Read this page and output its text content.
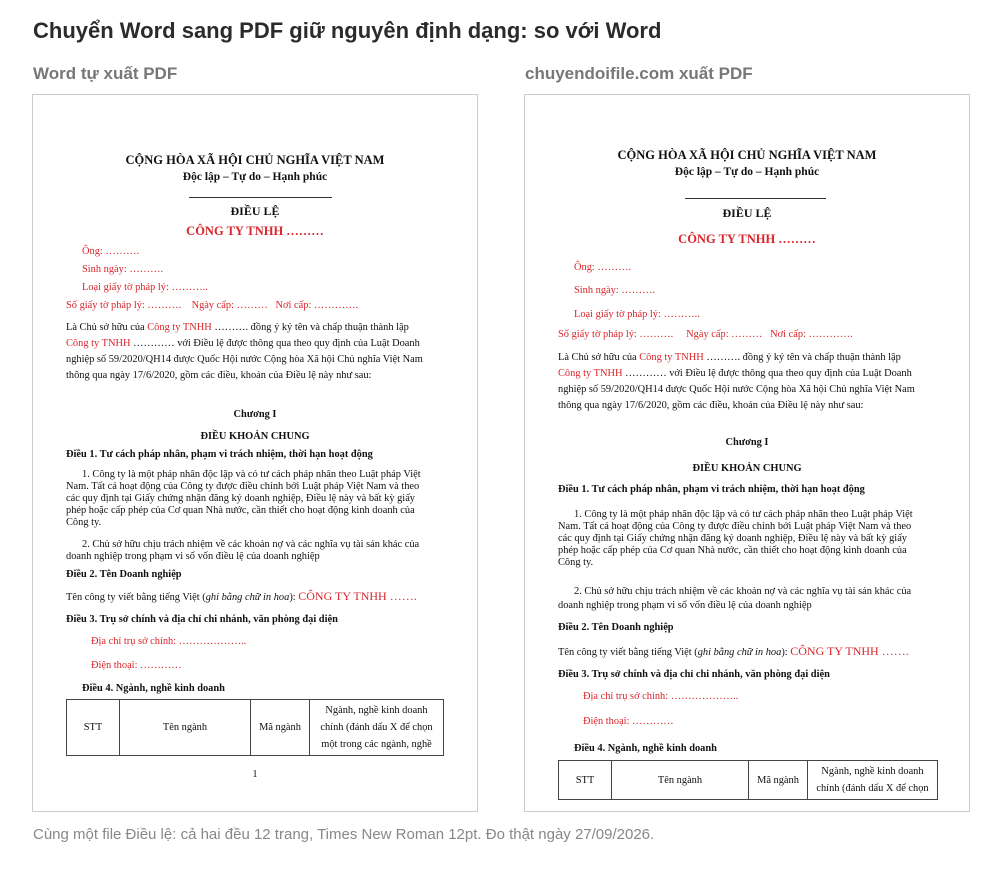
Chuyển Word sang PDF giữ nguyên định dạng: so với Word
Word tự xuất PDF	chuyendoifile.com xuất PDF
CỘNG HÒA XÃ HỘI CHỦ NGHĨA VIỆT NAM
Độc lập – Tự do – Hạnh phúc
ĐIỀU LỆ
CÔNG TY TNHH ………
Ông: ……….
Sinh ngày: ……….
Loại giấy tờ pháp lý: ………..
Số giấy tờ pháp lý: ………. Ngày cấp: ……… Nơi cấp: ………….
Là Chủ sở hữu của Công ty TNHH ………. đồng ý ký tên và chấp thuận thành lập
Công ty TNHH ………… với Điều lệ được thông qua theo quy định của Luật Doanh
nghiệp số 59/2020/QH14 được Quốc Hội nước Cộng hòa Xã hội Chủ nghĩa Việt Nam
thông qua ngày 17/6/2020, gồm các điều, khoản của Điều lệ này như sau:
Chương I
ĐIỀU KHOẢN CHUNG
Điều 1. Tư cách pháp nhân, phạm vi trách nhiệm, thời hạn hoạt động
1. Công ty là một pháp nhân độc lập và có tư cách pháp nhân theo Luật pháp Việt
Nam. Tất cả hoạt động của Công ty được điều chỉnh bởi Luật pháp Việt Nam và theo
các quy định tại Giấy chứng nhận đăng ký doanh nghiệp, Điều lệ này và bất kỳ giấy
phép hoặc cấp phép của Cơ quan Nhà nước, cần thiết cho hoạt động kinh doanh của
Công ty.
2. Chủ sở hữu chịu trách nhiệm về các khoản nợ và các nghĩa vụ tài sản khác của
doanh nghiệp trong phạm vi số vốn điều lệ của doanh nghiệp
Điều 2. Tên Doanh nghiệp
Tên công ty viết bằng tiếng Việt (ghi bằng chữ in hoa): CÔNG TY TNHH …….
Điều 3. Trụ sở chính và địa chỉ chi nhánh, văn phòng đại diện
Địa chỉ trụ sở chính: ………………..
Điện thoại: …………
Điều 4. Ngành, nghề kinh doanh
STT	Tên ngành	Mã ngành	Ngành, nghề kinh doanh
chính (đánh dấu X để chọn
một trong các ngành, nghề
1
CỘNG HÒA XÃ HỘI CHỦ NGHĨA VIỆT NAM
Độc lập – Tự do – Hạnh phúc
ĐIỀU LỆ
CÔNG TY TNHH ………
Ông: ……….
Sinh ngày: ……….
Loại giấy tờ pháp lý: ………..
Số giấy tờ pháp lý: ………. Ngày cấp: ……… Nơi cấp: ………….
Là Chủ sở hữu của Công ty TNHH ………. đồng ý ký tên và chấp thuận thành lập
Công ty TNHH ………… với Điều lệ được thông qua theo quy định của Luật Doanh
nghiệp số 59/2020/QH14 được Quốc Hội nước Cộng hòa Xã hội Chủ nghĩa Việt Nam
thông qua ngày 17/6/2020, gồm các điều, khoản của Điều lệ này như sau:
Chương I
ĐIỀU KHOẢN CHUNG
Điều 1. Tư cách pháp nhân, phạm vi trách nhiệm, thời hạn hoạt động
1. Công ty là một pháp nhân độc lập và có tư cách pháp nhân theo Luật pháp Việt
Nam. Tất cả hoạt động của Công ty được điều chỉnh bởi Luật pháp Việt Nam và theo
các quy định tại Giấy chứng nhận đăng ký doanh nghiệp, Điều lệ này và bất kỳ giấy
phép hoặc cấp phép của Cơ quan Nhà nước, cần thiết cho hoạt động kinh doanh của
Công ty.
2. Chủ sở hữu chịu trách nhiệm về các khoản nợ và các nghĩa vụ tài sản khác của
doanh nghiệp trong phạm vi số vốn điều lệ của doanh nghiệp
Điều 2. Tên Doanh nghiệp
Tên công ty viết bằng tiếng Việt (ghi bằng chữ in hoa): CÔNG TY TNHH …….
Điều 3. Trụ sở chính và địa chỉ chi nhánh, văn phòng đại diện
Địa chỉ trụ sở chính: ………………..
Điện thoại: …………
Điều 4. Ngành, nghề kinh doanh
STT	Tên ngành	Mã ngành	Ngành, nghề kinh doanh
chính (đánh dấu X để chọn
Cùng một file Điều lệ: cả hai đều 12 trang, Times New Roman 12pt. Đo thật ngày 27/09/2026.
